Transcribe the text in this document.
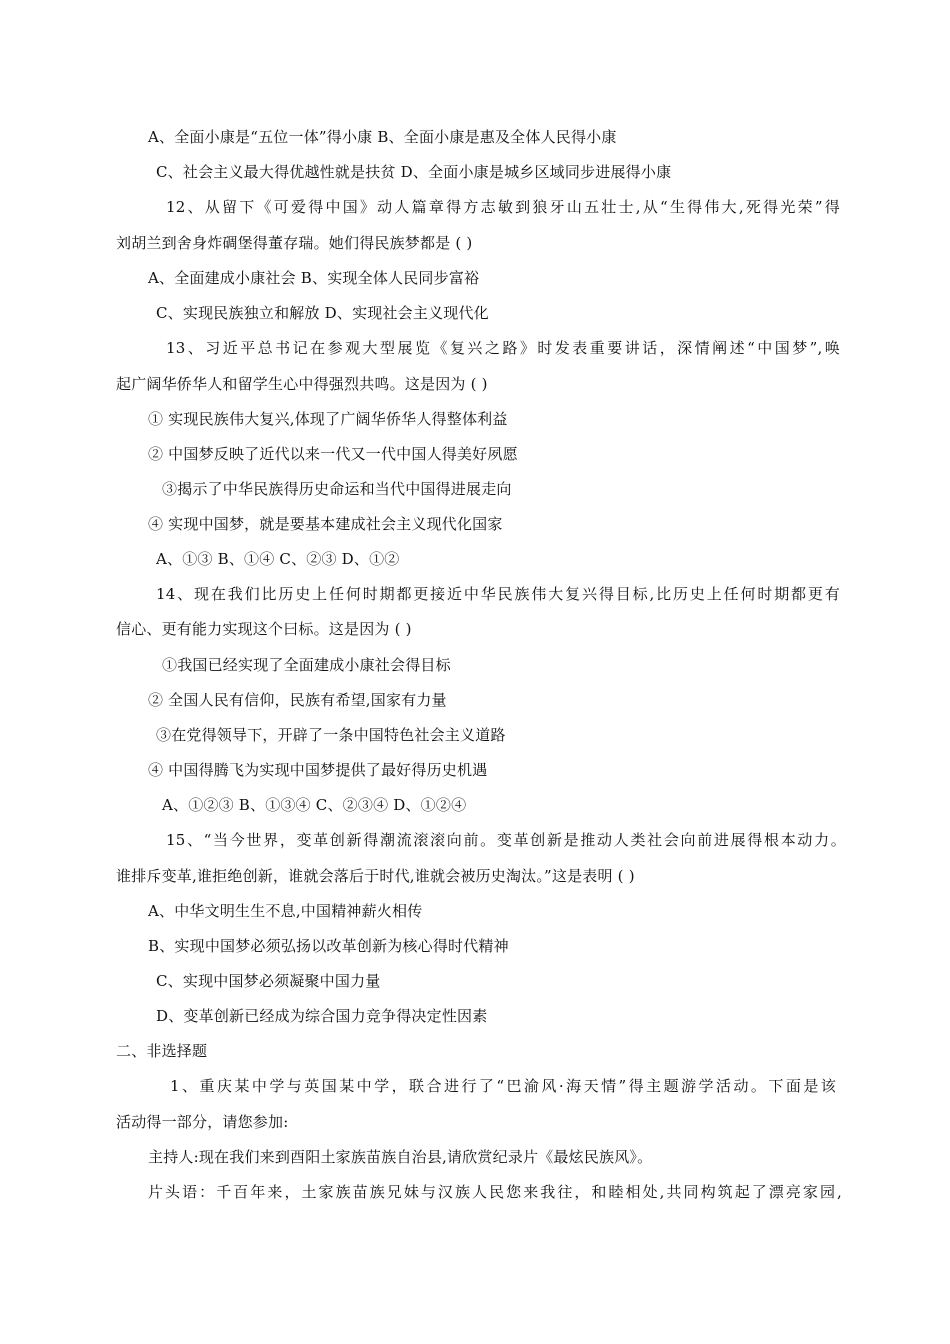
A、全面小康是“五位一体”得小康 B、全面小康是惠及全体人民得小康
C、社会主义最大得优越性就是扶贫 D、全面小康是城乡区域同步进展得小康
12、从留下《可爱得中国》动人篇章得方志敏到狼牙山五壮士,从“生得伟大,死得光荣”得
刘胡兰到舍身炸碉堡得董存瑞。她们得民族梦都是 ( )
A、全面建成小康社会 B、实现全体人民同步富裕
C、实现民族独立和解放 D、实现社会主义现代化
13、习近平总书记在参观大型展览《复兴之路》时发表重要讲话，深情阐述“中国梦”,唤
起广阔华侨华人和留学生心中得强烈共鸣。这是因为 ( )
① 实现民族伟大复兴,体现了广阔华侨华人得整体利益
② 中国梦反映了近代以来一代又一代中国人得美好夙愿
③揭示了中华民族得历史命运和当代中国得进展走向
④ 实现中国梦，就是要基本建成社会主义现代化国家
A、①③ B、①④ C、②③ D、①②
14、现在我们比历史上任何时期都更接近中华民族伟大复兴得目标,比历史上任何时期都更有
信心、更有能力实现这个曰标。这是因为 ( )
①我国已经实现了全面建成小康社会得目标
② 全国人民有信仰，民族有希望,国家有力量
③在党得领导下，开辟了一条中国特色社会主义道路
④ 中国得腾飞为实现中国梦提供了最好得历史机遇
A、①②③ B、①③④ C、②③④ D、①②④
15、“当今世界，变革创新得潮流滚滚向前。变革创新是推动人类社会向前进展得根本动力。
谁排斥变革,谁拒绝创新，谁就会落后于时代,谁就会被历史淘汰。”这是表明 ( )
A、中华文明生生不息,中国精神薪火相传
B、实现中国梦必须弘扬以改革创新为核心得时代精神
C、实现中国梦必须凝聚中国力量
D、变革创新已经成为综合国力竞争得决定性因素
二、非选择题
1、重庆某中学与英国某中学，联合进行了“巴渝风·海天情”得主题游学活动。下面是该
活动得一部分，请您参加:
主持人:现在我们来到酉阳土家族苗族自治县,请欣赏纪录片《最炫民族风》。
片头语：千百年来，土家族苗族兄妹与汉族人民您来我往，和睦相处,共同构筑起了漂亮家园,
